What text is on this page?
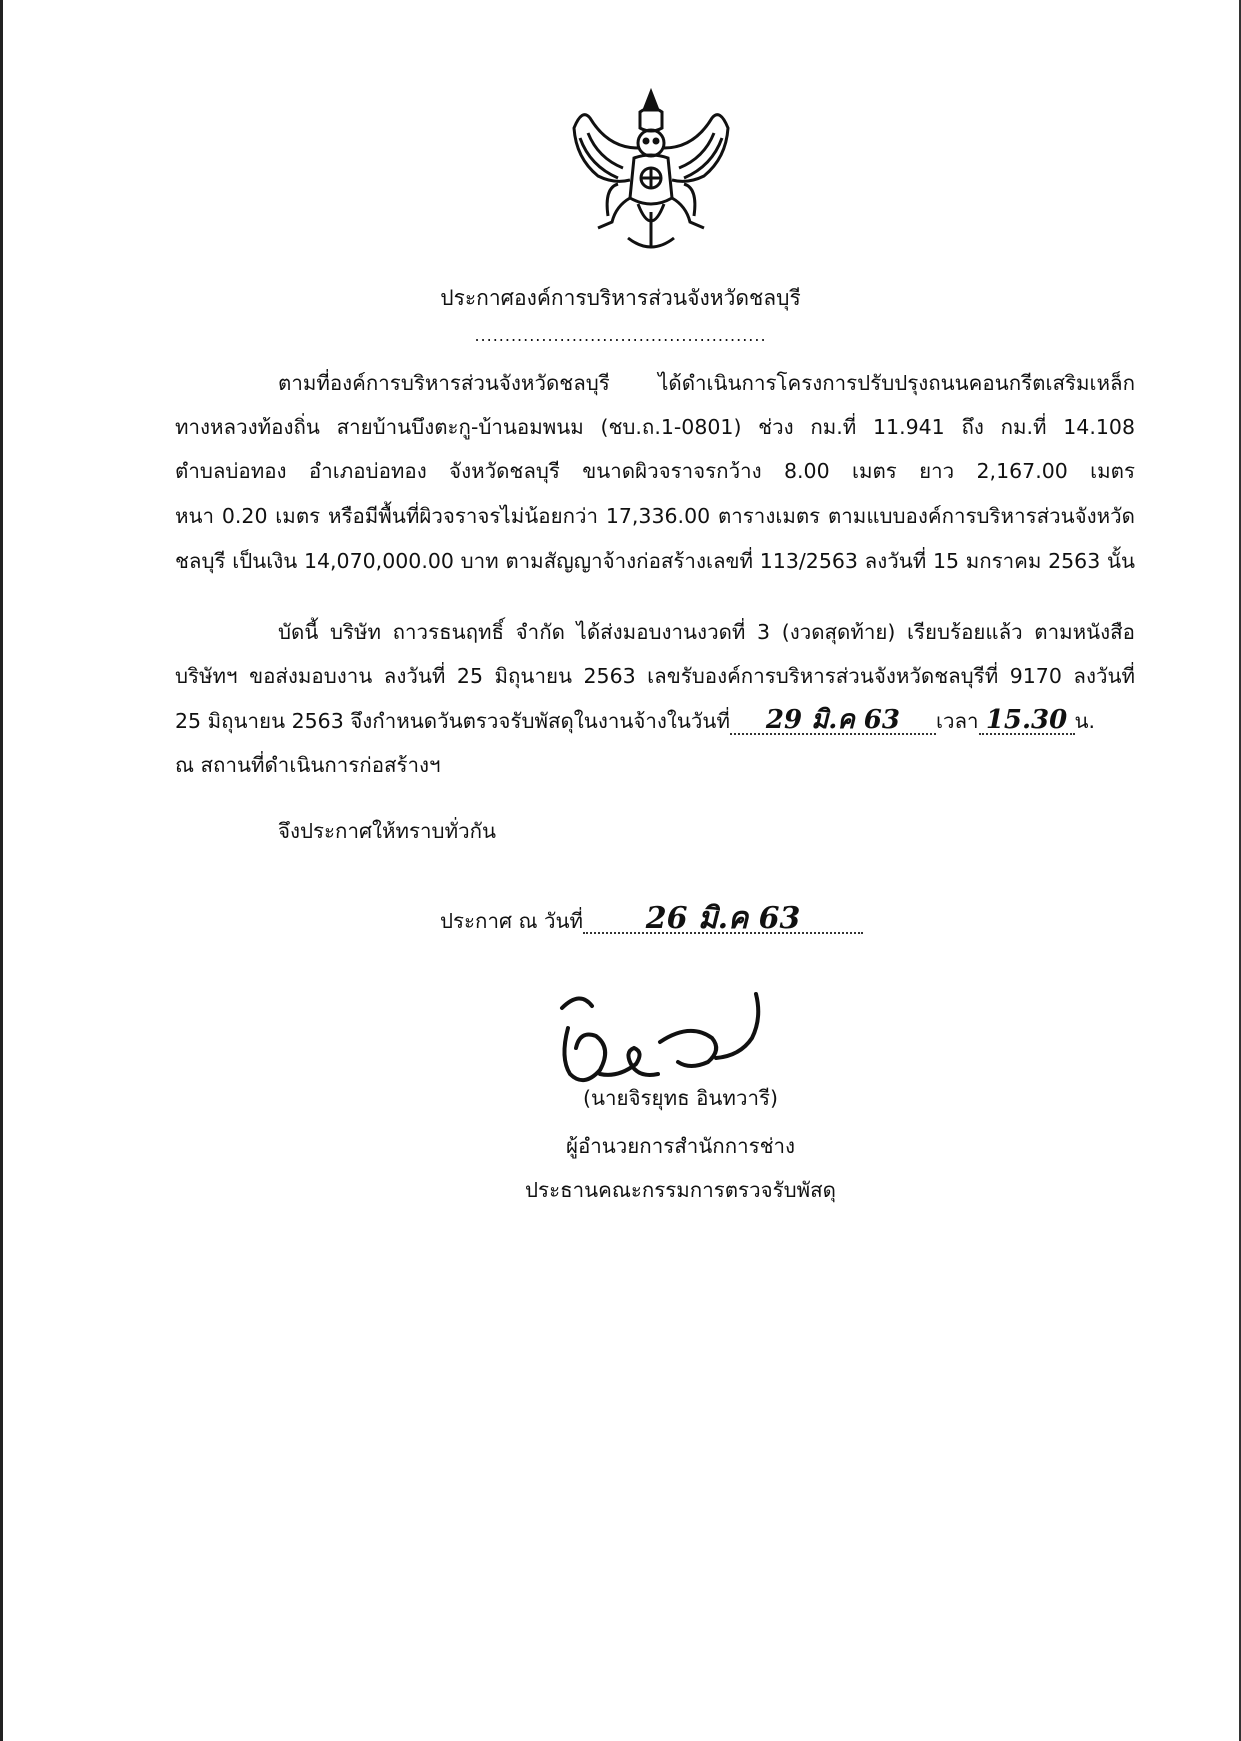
ประกาศองค์การบริหารส่วนจังหวัดชลบุรี
................................................
ตามที่องค์การบริหารส่วนจังหวัดชลบุรี ได้ดำเนินการโครงการปรับปรุงถนนคอนกรีตเสริมเหล็ก
ทางหลวงท้องถิ่น สายบ้านบึงตะกู-บ้านอมพนม (ชบ.ถ.1-0801) ช่วง กม.ที่ 11.941 ถึง กม.ที่ 14.108
ตำบลบ่อทอง อำเภอบ่อทอง จังหวัดชลบุรี ขนาดผิวจราจรกว้าง 8.00 เมตร ยาว 2,167.00 เมตร
หนา 0.20 เมตร หรือมีพื้นที่ผิวจราจรไม่น้อยกว่า 17,336.00 ตารางเมตร ตามแบบองค์การบริหารส่วนจังหวัด
ชลบุรี เป็นเงิน 14,070,000.00 บาท ตามสัญญาจ้างก่อสร้างเลขที่ 113/2563 ลงวันที่ 15 มกราคม 2563 นั้น
บัดนี้ บริษัท ถาวรธนฤทธิ์ จำกัด ได้ส่งมอบงานงวดที่ 3 (งวดสุดท้าย) เรียบร้อยแล้ว ตามหนังสือ
บริษัทฯ ขอส่งมอบงาน ลงวันที่ 25 มิถุนายน 2563 เลขรับองค์การบริหารส่วนจังหวัดชลบุรีที่ 9170 ลงวันที่
25 มิถุนายน 2563 จึงกำหนดวันตรวจรับพัสดุในงานจ้างในวันที่ 29 มิ.ค 63 เวลา 15.30 น.
ณ สถานที่ดำเนินการก่อสร้างฯ
จึงประกาศให้ทราบทั่วกัน
ประกาศ ณ วันที่ 26 มิ.ค 63
(นายจิรยุทธ อินทวารี)
ผู้อำนวยการสำนักการช่าง
ประธานคณะกรรมการตรวจรับพัสดุ
